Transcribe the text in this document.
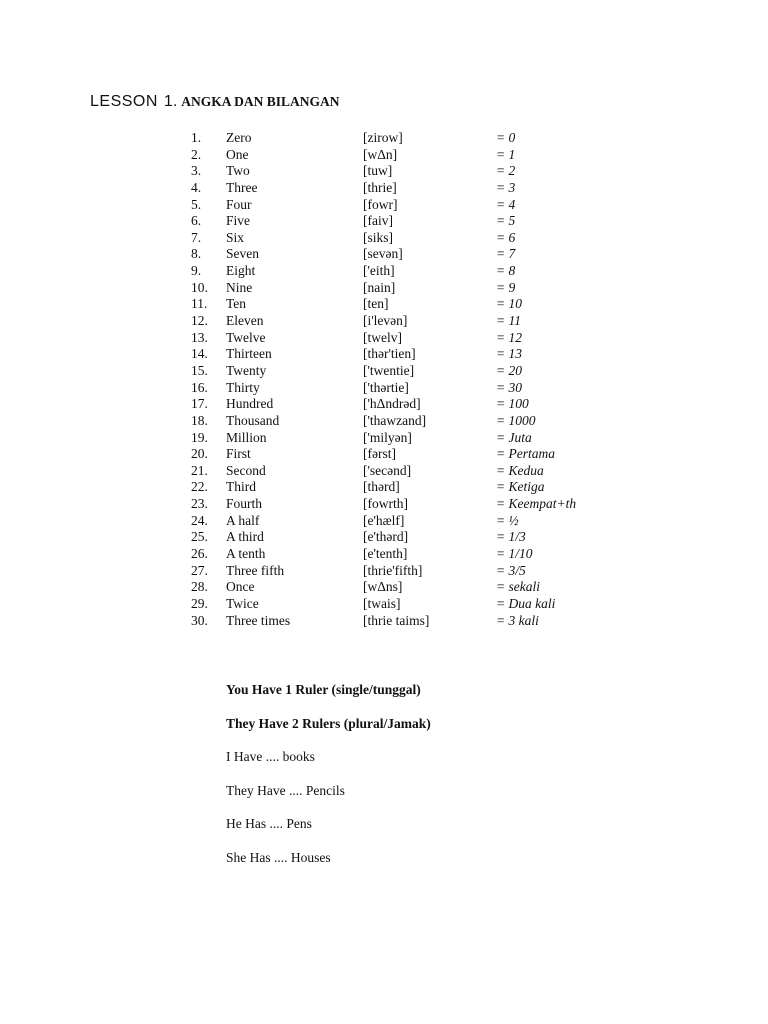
LESSON 1. ANGKA DAN BILANGAN
1. Zero	[zirow]	= 0
2. One	[wΔn]	= 1
3. Two	[tuw]	= 2
4. Three	[thrie]	= 3
5. Four	[fowr]	= 4
6. Five	[faiv]	= 5
7. Six	[siks]	= 6
8. Seven	[sevən]	= 7
9. Eight	['eith]	= 8
10. Nine	[nain]	= 9
11. Ten	[ten]	= 10
12. Eleven	[i'levən]	= 11
13. Twelve	[twelv]	= 12
14. Thirteen	[thər'tien]	= 13
15. Twenty	['twentie]	= 20
16. Thirty	['thərtie]	= 30
17. Hundred	['hΔndrəd]	= 100
18. Thousand	['thawzand]	= 1000
19. Million	['milyən]	= Juta
20. First	[fərst]	= Pertama
21. Second	['secənd]	= Kedua
22. Third	[thərd]	= Ketiga
23. Fourth	[fowrth]	= Keempat+th
24. A half	[e'hælf]	= ½
25. A third	[e'thərd]	= 1/3
26. A tenth	[e'tenth]	= 1/10
27. Three fifth	[thrie'fifth]	= 3/5
28. Once	[wΔns]	= sekali
29. Twice	[twais]	= Dua kali
30. Three times	[thrie taims]	= 3 kali
You Have 1 Ruler (single/tunggal)
They Have 2 Rulers (plural/Jamak)
I Have .... books
They Have .... Pencils
He Has .... Pens
She Has .... Houses
